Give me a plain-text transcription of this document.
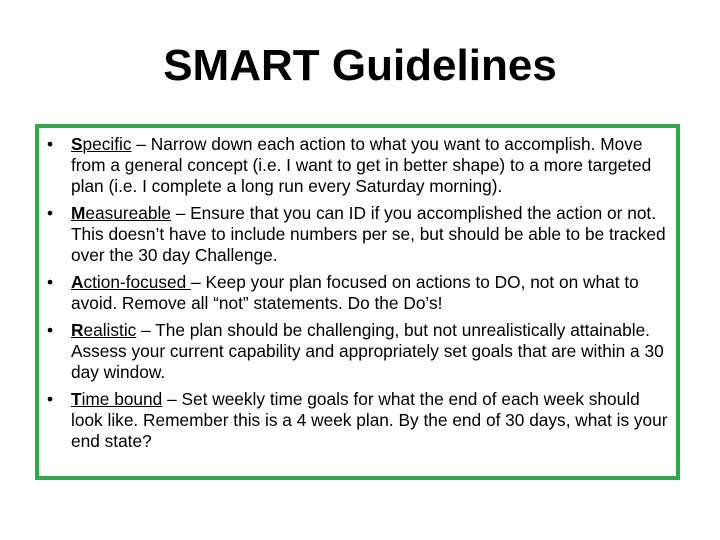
SMART Guidelines
• Specific – Narrow down each action to what you want to accomplish. Move from a general concept (i.e. I want to get in better shape) to a more targeted plan (i.e. I complete a long run every Saturday morning).
• Measureable – Ensure that you can ID if you accomplished the action or not. This doesn’t have to include numbers per se, but should be able to be tracked over the 30 day Challenge.
• Action-focused – Keep your plan focused on actions to DO, not on what to avoid. Remove all “not” statements. Do the Do’s!
• Realistic – The plan should be challenging, but not unrealistically attainable. Assess your current capability and appropriately set goals that are within a 30 day window.
• Time bound – Set weekly time goals for what the end of each week should look like. Remember this is a 4 week plan. By the end of 30 days, what is your end state?
